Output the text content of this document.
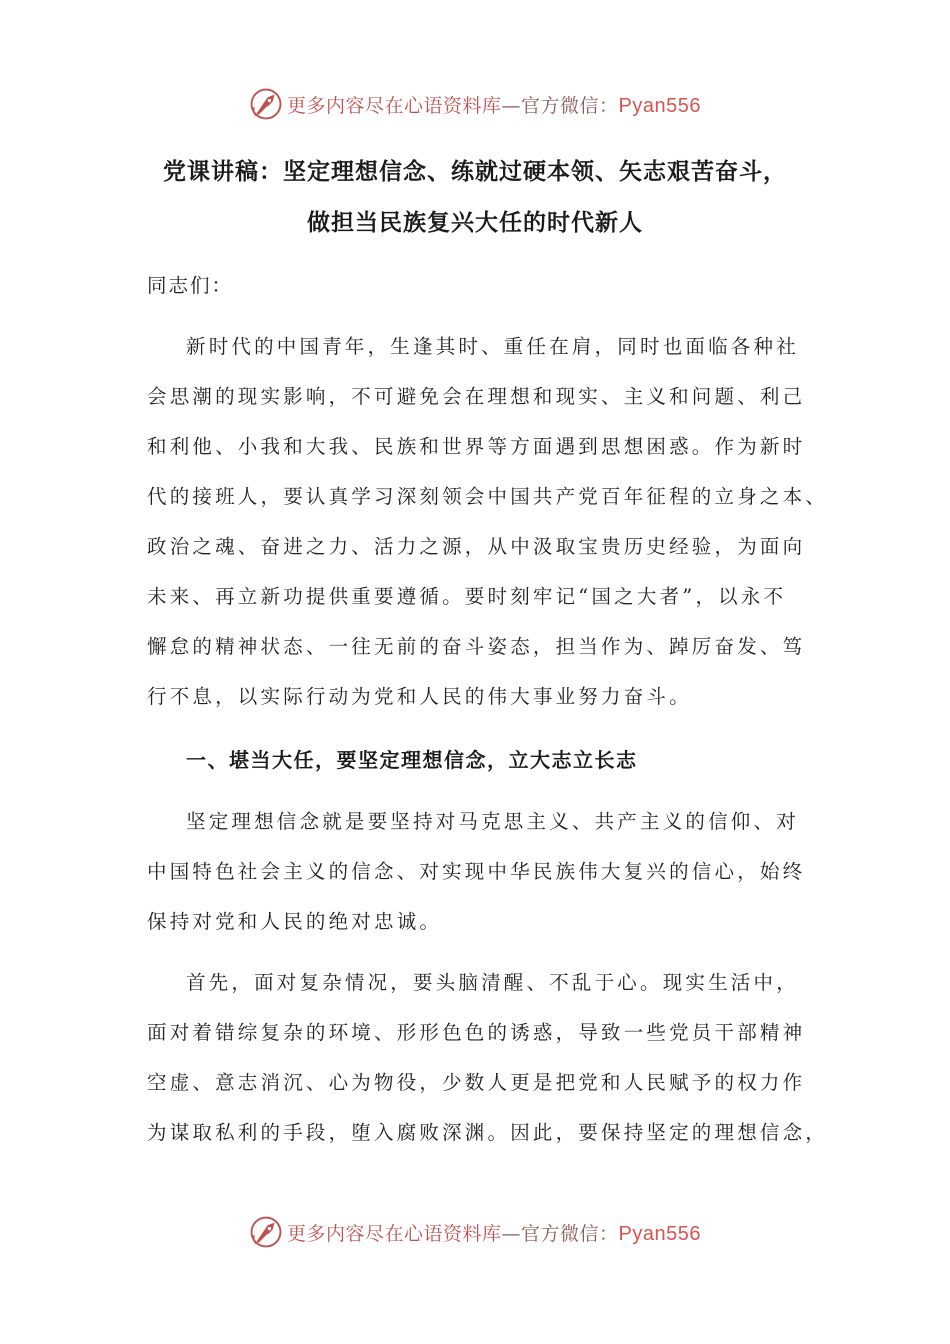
更多内容尽在心语资料库—官方微信：Pyan556
党课讲稿：坚定理想信念、练就过硬本领、矢志艰苦奋斗，
做担当民族复兴大任的时代新人
同志们：
新时代的中国青年，生逢其时、重任在肩，同时也面临各种社
会思潮的现实影响，不可避免会在理想和现实、主义和问题、利己
和利他、小我和大我、民族和世界等方面遇到思想困惑。作为新时
代的接班人，要认真学习深刻领会中国共产党百年征程的立身之本、
政治之魂、奋进之力、活力之源，从中汲取宝贵历史经验，为面向
未来、再立新功提供重要遵循。要时刻牢记“国之大者”，以永不
懈怠的精神状态、一往无前的奋斗姿态，担当作为、踔厉奋发、笃
行不息，以实际行动为党和人民的伟大事业努力奋斗。
一、堪当大任，要坚定理想信念，立大志立长志
坚定理想信念就是要坚持对马克思主义、共产主义的信仰、对
中国特色社会主义的信念、对实现中华民族伟大复兴的信心，始终
保持对党和人民的绝对忠诚。
首先，面对复杂情况，要头脑清醒、不乱于心。现实生活中，
面对着错综复杂的环境、形形色色的诱惑，导致一些党员干部精神
空虚、意志消沉、心为物役，少数人更是把党和人民赋予的权力作
为谋取私利的手段，堕入腐败深渊。因此，要保持坚定的理想信念，
更多内容尽在心语资料库—官方微信：Pyan556
